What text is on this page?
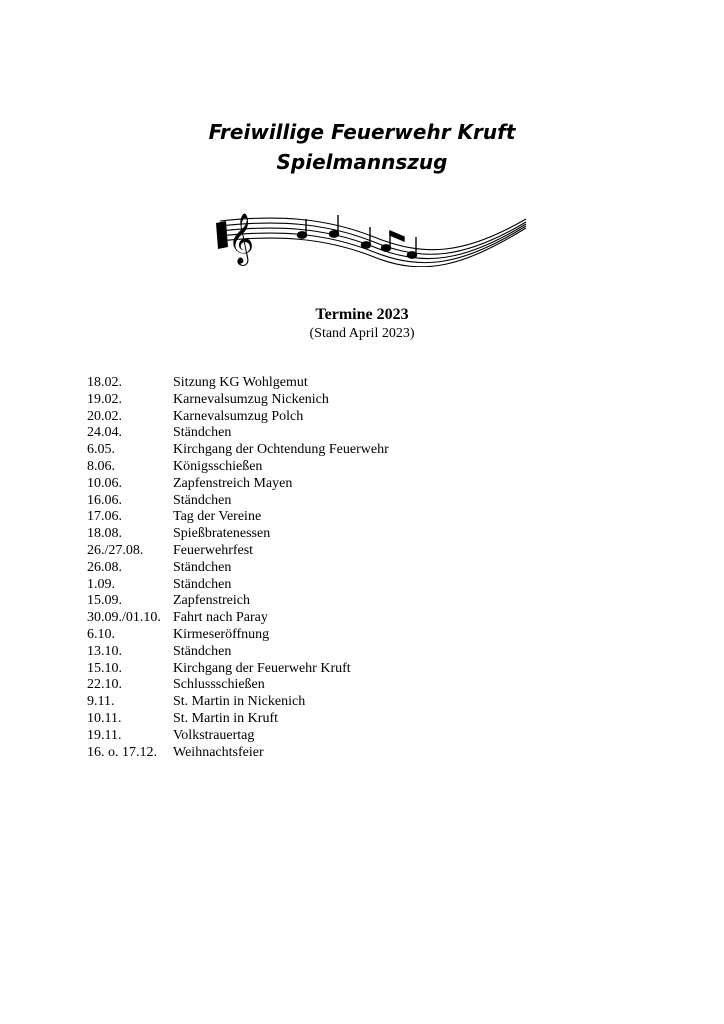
Freiwillige Feuerwehr Kruft
Spielmannszug
𝄞
Termine 2023
(Stand April 2023)
18.02.	Sitzung KG Wohlgemut
19.02.	Karnevalsumzug Nickenich
20.02.	Karnevalsumzug Polch
24.04.	Ständchen
6.05.	Kirchgang der Ochtendung Feuerwehr
8.06.	Königsschießen
10.06.	Zapfenstreich Mayen
16.06.	Ständchen
17.06.	Tag der Vereine
18.08.	Spießbratenessen
26./27.08.	Feuerwehrfest
26.08.	Ständchen
1.09.	Ständchen
15.09.	Zapfenstreich
30.09./01.10. Fahrt nach Paray
6.10.	Kirmeseröffnung
13.10.	Ständchen
15.10.	Kirchgang der Feuerwehr Kruft
22.10.	Schlussschießen
9.11.	St. Martin in Nickenich
10.11.	St. Martin in Kruft
19.11.	Volkstrauertag
16. o. 17.12.	Weihnachtsfeier
